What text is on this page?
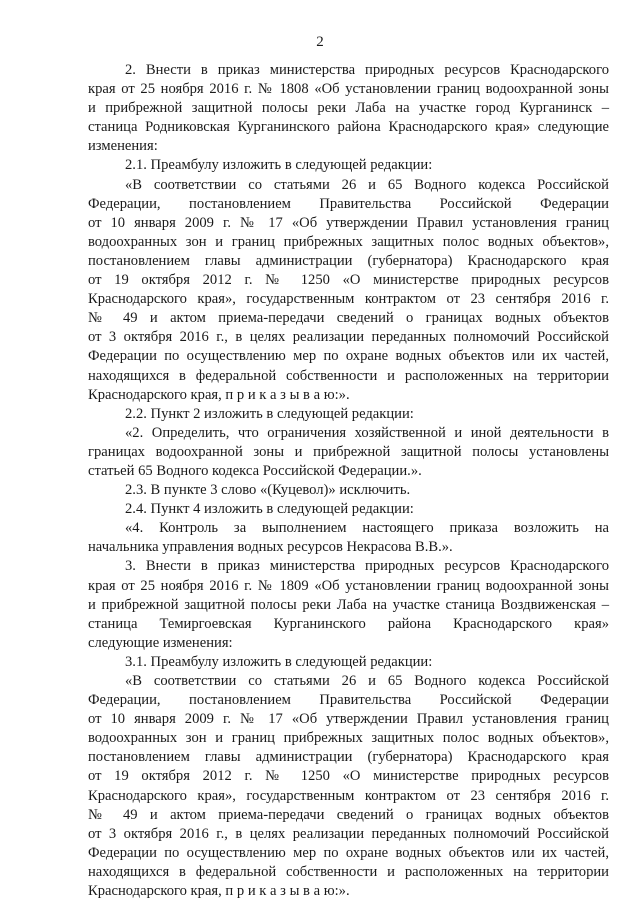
2
2. Внести в приказ министерства природных ресурсов Краснодарского
края от 25 ноября 2016 г. № 1808 «Об установлении границ водоохранной зоны
и прибрежной защитной полосы реки Лаба на участке город Курганинск –
станица Родниковская Курганинского района Краснодарского края» следующие
изменения:
2.1. Преамбулу изложить в следующей редакции:
«В соответствии со статьями 26 и 65 Водного кодекса Российской
Федерации, постановлением Правительства Российской Федерации
от 10 января 2009 г. № 17 «Об утверждении Правил установления границ
водоохранных зон и границ прибрежных защитных полос водных объектов»,
постановлением главы администрации (губернатора) Краснодарского края
от 19 октября 2012 г. № 1250 «О министерстве природных ресурсов
Краснодарского края», государственным контрактом от 23 сентября 2016 г.
№ 49 и актом приема-передачи сведений о границах водных объектов
от 3 октября 2016 г., в целях реализации переданных полномочий Российской
Федерации по осуществлению мер по охране водных объектов или их частей,
находящихся в федеральной собственности и расположенных на территории
Краснодарского края, п р и к а з ы в а ю:».
2.2. Пункт 2 изложить в следующей редакции:
«2. Определить, что ограничения хозяйственной и иной деятельности в
границах водоохранной зоны и прибрежной защитной полосы установлены
статьей 65 Водного кодекса Российской Федерации.».
2.3. В пункте 3 слово «(Куцевол)» исключить.
2.4. Пункт 4 изложить в следующей редакции:
«4. Контроль за выполнением настоящего приказа возложить на
начальника управления водных ресурсов Некрасова В.В.».
3. Внести в приказ министерства природных ресурсов Краснодарского
края от 25 ноября 2016 г. № 1809 «Об установлении границ водоохранной зоны
и прибрежной защитной полосы реки Лаба на участке станица Воздвиженская –
станица Темиргоевская Курганинского района Краснодарского края»
следующие изменения:
3.1. Преамбулу изложить в следующей редакции:
«В соответствии со статьями 26 и 65 Водного кодекса Российской
Федерации, постановлением Правительства Российской Федерации
от 10 января 2009 г. № 17 «Об утверждении Правил установления границ
водоохранных зон и границ прибрежных защитных полос водных объектов»,
постановлением главы администрации (губернатора) Краснодарского края
от 19 октября 2012 г. № 1250 «О министерстве природных ресурсов
Краснодарского края», государственным контрактом от 23 сентября 2016 г.
№ 49 и актом приема-передачи сведений о границах водных объектов
от 3 октября 2016 г., в целях реализации переданных полномочий Российской
Федерации по осуществлению мер по охране водных объектов или их частей,
находящихся в федеральной собственности и расположенных на территории
Краснодарского края, п р и к а з ы в а ю:».
